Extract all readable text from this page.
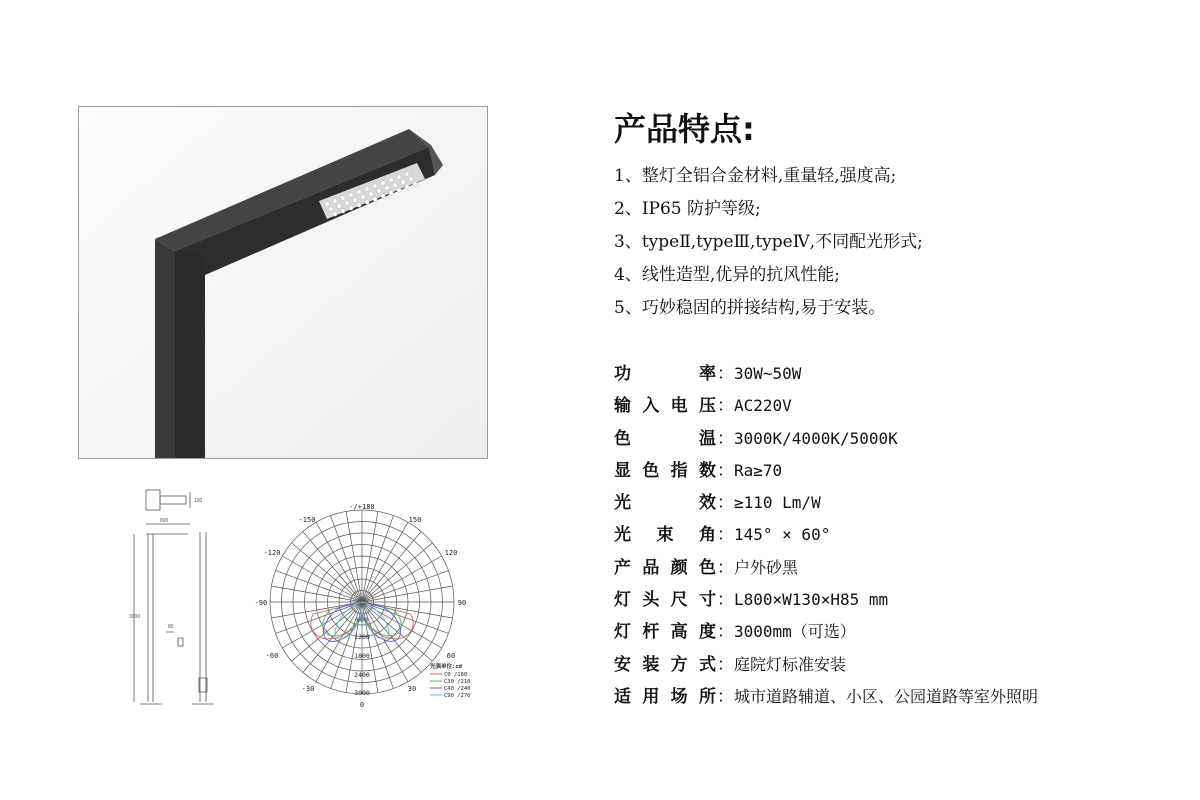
800
130
3000
80
-/+180
150
-150
120
-120
90
-90
60
-60
30
-30
0
600
1200
1800
2400
3000
光强单位:cd
C0 /180
C30 /210
C40 /240
C90 /270
产品特点:
1、整灯全铝合金材料,重量轻,强度高;
2、IP65 防护等级;
3、typeⅡ,typeⅢ,typeⅣ,不同配光形式;
4、线性造型,优异的抗风性能;
5、巧妙稳固的拼接结构,易于安装。
功　率：30W~50W
输入电压：AC220V
色　温：3000K/4000K/5000K
显色指数：Ra≥70
光　效：≥110 Lm/W
光束角：145° × 60°
产品颜色：户外砂黑
灯头尺寸：L800×W130×H85 mm
灯杆高度：3000mm（可选）
安装方式：庭院灯标准安装
适用场所：城市道路辅道、小区、公园道路等室外照明
